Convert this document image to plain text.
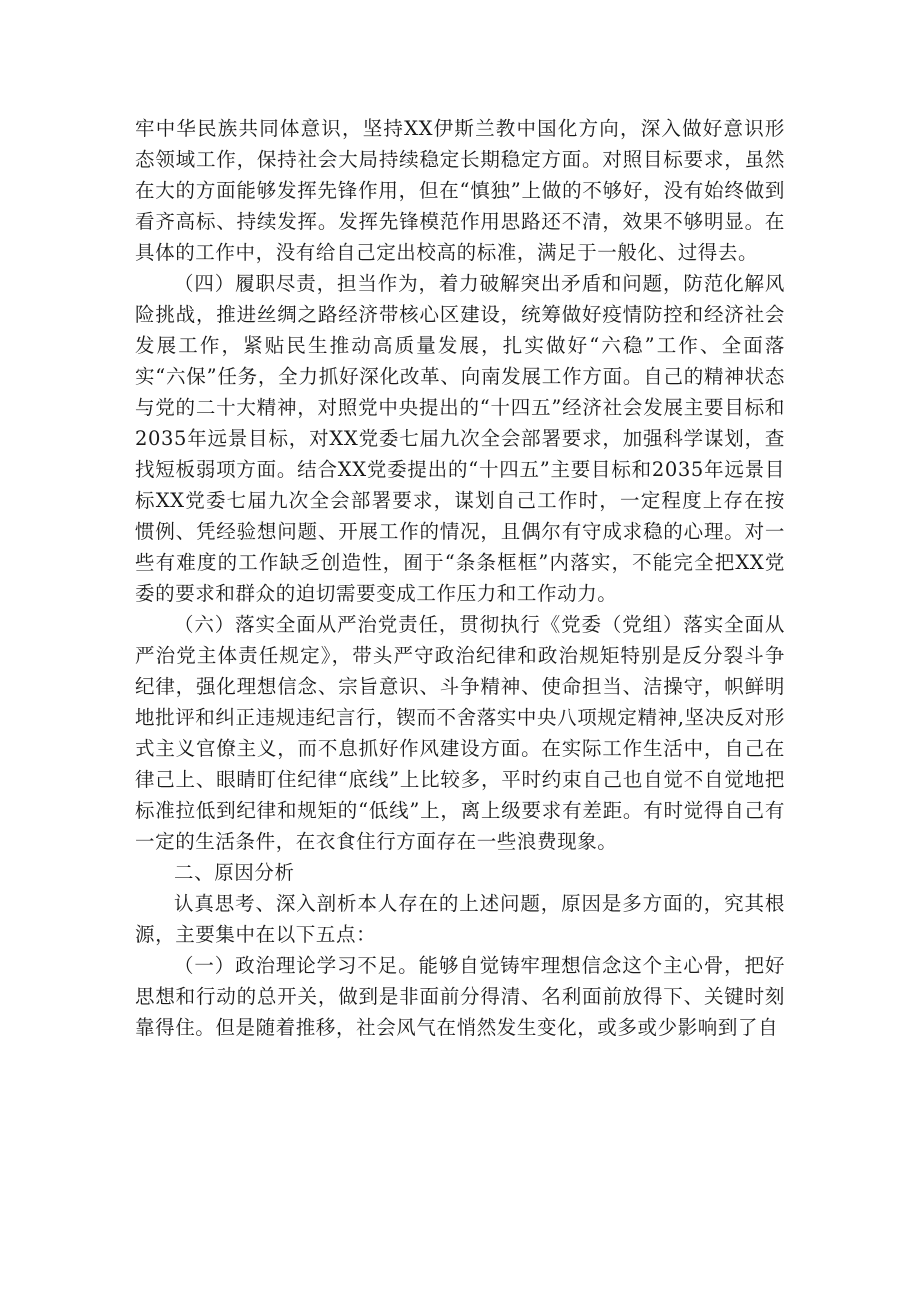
牢中华民族共同体意识，坚持XX伊斯兰教中国化方向，深入做好意识形态领域工作，保持社会大局持续稳定长期稳定方面。对照目标要求，虽然在大的方面能够发挥先锋作用，但在“慎独”上做的不够好，没有始终做到看齐高标、持续发挥。发挥先锋模范作用思路还不清，效果不够明显。在具体的工作中，没有给自己定出校高的标准，满足于一般化、过得去。

（四）履职尽责，担当作为，着力破解突出矛盾和问题，防范化解风险挑战，推进丝绸之路经济带核心区建设，统筹做好疫情防控和经济社会发展工作，紧贴民生推动高质量发展，扎实做好“六稳”工作、全面落实“六保”任务，全力抓好深化改革、向南发展工作方面。自己的精神状态与党的二十大精神，对照党中央提出的“十四五”经济社会发展主要目标和2035年远景目标，对XX党委七届九次全会部署要求，加强科学谋划，查找短板弱项方面。结合XX党委提出的“十四五”主要目标和2035年远景目标XX党委七届九次全会部署要求，谋划自己工作时，一定程度上存在按惯例、凭经验想问题、开展工作的情况，且偶尔有守成求稳的心理。对一些有难度的工作缺乏创造性，囿于“条条框框”内落实，不能完全把XX党委的要求和群众的迫切需要变成工作压力和工作动力。

（六）落实全面从严治党责任，贯彻执行《党委（党组）落实全面从严治党主体责任规定》，带头严守政治纪律和政治规矩特别是反分裂斗争纪律，强化理想信念、宗旨意识、斗争精神、使命担当、洁操守，帜鲜明地批评和纠正违规违纪言行，锲而不舍落实中央八项规定精神,坚决反对形式主义官僚主义，而不息抓好作风建设方面。在实际工作生活中，自己在律己上、眼睛盯住纪律“底线”上比较多，平时约束自己也自觉不自觉地把标准拉低到纪律和规矩的“低线”上，离上级要求有差距。有时觉得自己有一定的生活条件，在衣食住行方面存在一些浪费现象。

二、原因分析

认真思考、深入剖析本人存在的上述问题，原因是多方面的，究其根源，主要集中在以下五点：

（一）政治理论学习不足。能够自觉铸牢理想信念这个主心骨，把好思想和行动的总开关，做到是非面前分得清、名利面前放得下、关键时刻靠得住。但是随着推移，社会风气在悄然发生变化，或多或少影响到了自
